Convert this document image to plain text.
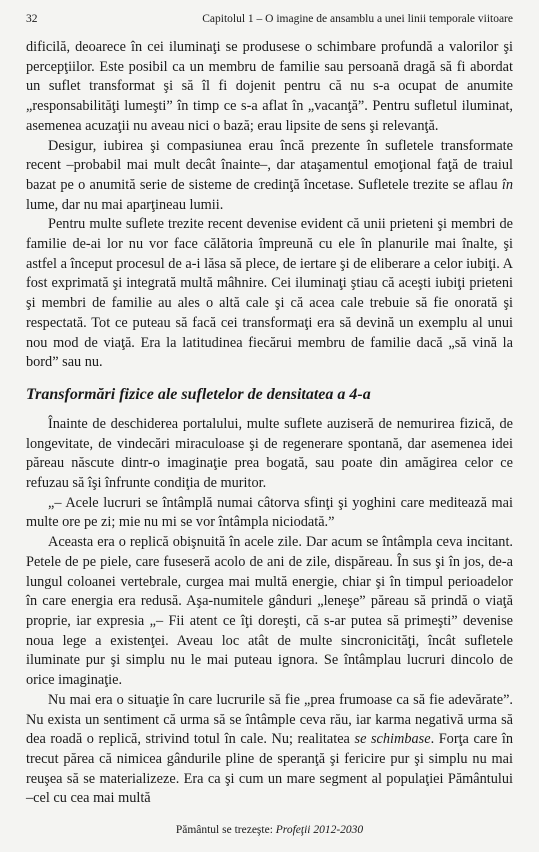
32	Capitolul 1 – O imagine de ansamblu a unei linii temporale viitoare

dificilă, deoarece în cei iluminaţi se produsese o schimbare profundă a valorilor şi percepţiilor. Este posibil ca un membru de familie sau persoană dragă să fi abordat un suflet transformat şi să îl fi dojenit pentru că nu s-a ocupat de anumite „responsabilităţi lumeşti” în timp ce s-a aflat în „vacanţă”. Pentru sufletul iluminat, asemenea acuzaţii nu aveau nici o bază; erau lipsite de sens şi relevanţă.

Desigur, iubirea şi compasiunea erau încă prezente în sufletele transformate recent –probabil mai mult decât înainte–, dar ataşamentul emoţional faţă de traiul bazat pe o anumită serie de sisteme de credinţă încetase. Sufletele trezite se aflau în lume, dar nu mai aparţineau lumii.

Pentru multe suflete trezite recent devenise evident că unii prieteni şi membri de familie de-ai lor nu vor face călătoria împreună cu ele în planurile mai înalte, şi astfel a început procesul de a-i lăsa să plece, de iertare şi de eliberare a celor iubiţi. A fost exprimată şi integrată multă mâhnire. Cei iluminaţi ştiau că aceşti iubiţi prieteni şi membri de familie au ales o altă cale şi că acea cale trebuie să fie onorată şi respectată. Tot ce puteau să facă cei transformaţi era să devină un exemplu al unui nou mod de viaţă. Era la latitudinea fiecărui membru de familie dacă „să vină la bord” sau nu.

Transformări fizice ale sufletelor de densitatea a 4-a

Înainte de deschiderea portalului, multe suflete auziseră de nemurirea fizică, de longevitate, de vindecări miraculoase şi de regenerare spontană, dar asemenea idei păreau născute dintr-o imaginaţie prea bogată, sau poate din amăgirea celor ce refuzau să îşi înfrunte condiţia de muritor.

„– Acele lucruri se întâmplă numai câtorva sfinţi şi yoghini care meditează mai multe ore pe zi; mie nu mi se vor întâmpla niciodată.”

Aceasta era o replică obişnuită în acele zile. Dar acum se întâmpla ceva incitant. Petele de pe piele, care fuseseră acolo de ani de zile, dispăreau. În sus şi în jos, de-a lungul coloanei vertebrale, curgea mai multă energie, chiar şi în timpul perioadelor în care energia era redusă. Aşa-numitele gânduri „leneşe” păreau să prindă o viaţă proprie, iar expresia „– Fii atent ce îţi doreşti, că s-ar putea să primeşti” devenise noua lege a existenţei. Aveau loc atât de multe sincronicităţi, încât sufletele iluminate pur şi simplu nu le mai puteau ignora. Se întâmplau lucruri dincolo de orice imaginaţie.

Nu mai era o situaţie în care lucrurile să fie „prea frumoase ca să fie adevărate”. Nu exista un sentiment că urma să se întâmple ceva rău, iar karma negativă urma să dea roadă o replică, strivind totul în cale. Nu; realitatea se schimbase. Forţa care în trecut părea că nimicea gândurile pline de speranţă şi fericire pur şi simplu nu mai reuşea să se materializeze. Era ca şi cum un mare segment al populaţiei Pământului –cel cu cea mai multă

Pământul se trezeşte: Profeţii 2012-2030
